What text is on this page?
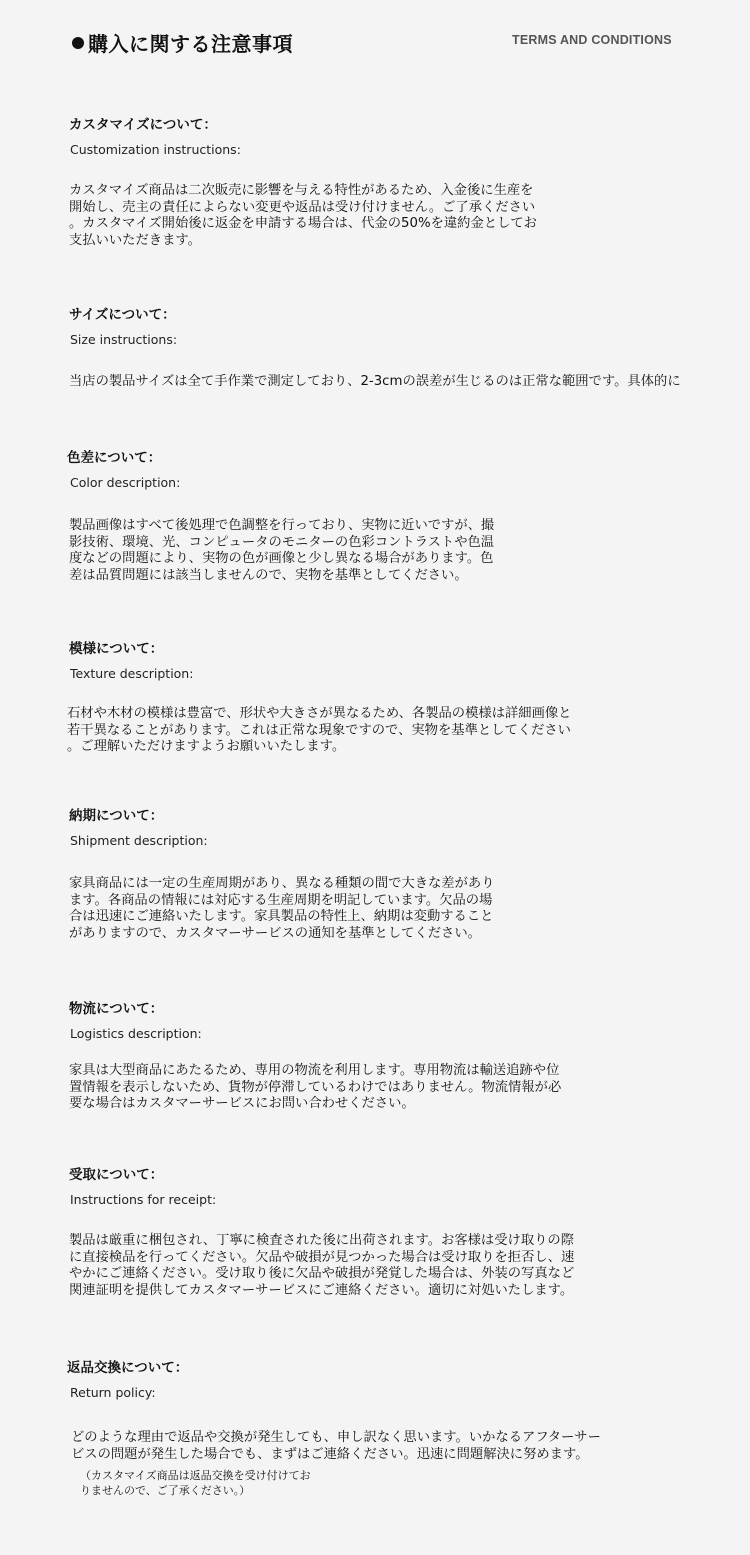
購入に関する注意事項	TERMS AND CONDITIONS
カスタマイズについて：
Customization instructions:
カスタマイズ商品は二次販売に影響を与える特性があるため、入金後に生産を
開始し、売主の責任によらない変更や返品は受け付けません。ご了承ください
。カスタマイズ開始後に返金を申請する場合は、代金の50%を違約金としてお
支払いいただきます。
サイズについて：
Size instructions:
当店の製品サイズは全て手作業で測定しており、2-3cmの誤差が生じるのは正常な範囲です。具体的に
色差について：
Color description:
製品画像はすべて後処理で色調整を行っており、実物に近いですが、撮
影技術、環境、光、コンピュータのモニターの色彩コントラストや色温
度などの問題により、実物の色が画像と少し異なる場合があります。色
差は品質問題には該当しませんので、実物を基準としてください。
模様について：
Texture description:
石材や木材の模様は豊富で、形状や大きさが異なるため、各製品の模様は詳細画像と
若干異なることがあります。これは正常な現象ですので、実物を基準としてください
。ご理解いただけますようお願いいたします。
納期について：
Shipment description:
家具商品には一定の生産周期があり、異なる種類の間で大きな差があり
ます。各商品の情報には対応する生産周期を明記しています。欠品の場
合は迅速にご連絡いたします。家具製品の特性上、納期は変動すること
がありますので、カスタマーサービスの通知を基準としてください。
物流について：
Logistics description:
家具は大型商品にあたるため、専用の物流を利用します。専用物流は輸送追跡や位
置情報を表示しないため、貨物が停滞しているわけではありません。物流情報が必
要な場合はカスタマーサービスにお問い合わせください。
受取について：
Instructions for receipt:
製品は厳重に梱包され、丁寧に検査された後に出荷されます。お客様は受け取りの際
に直接検品を行ってください。欠品や破損が見つかった場合は受け取りを拒否し、速
やかにご連絡ください。受け取り後に欠品や破損が発覚した場合は、外装の写真など
関連証明を提供してカスタマーサービスにご連絡ください。適切に対処いたします。
返品交換について：
Return policy:
どのような理由で返品や交換が発生しても、申し訳なく思います。いかなるアフターサー
ビスの問題が発生した場合でも、まずはご連絡ください。迅速に問題解決に努めます。
（カスタマイズ商品は返品交換を受け付けてお
りませんので、ご了承ください。）
